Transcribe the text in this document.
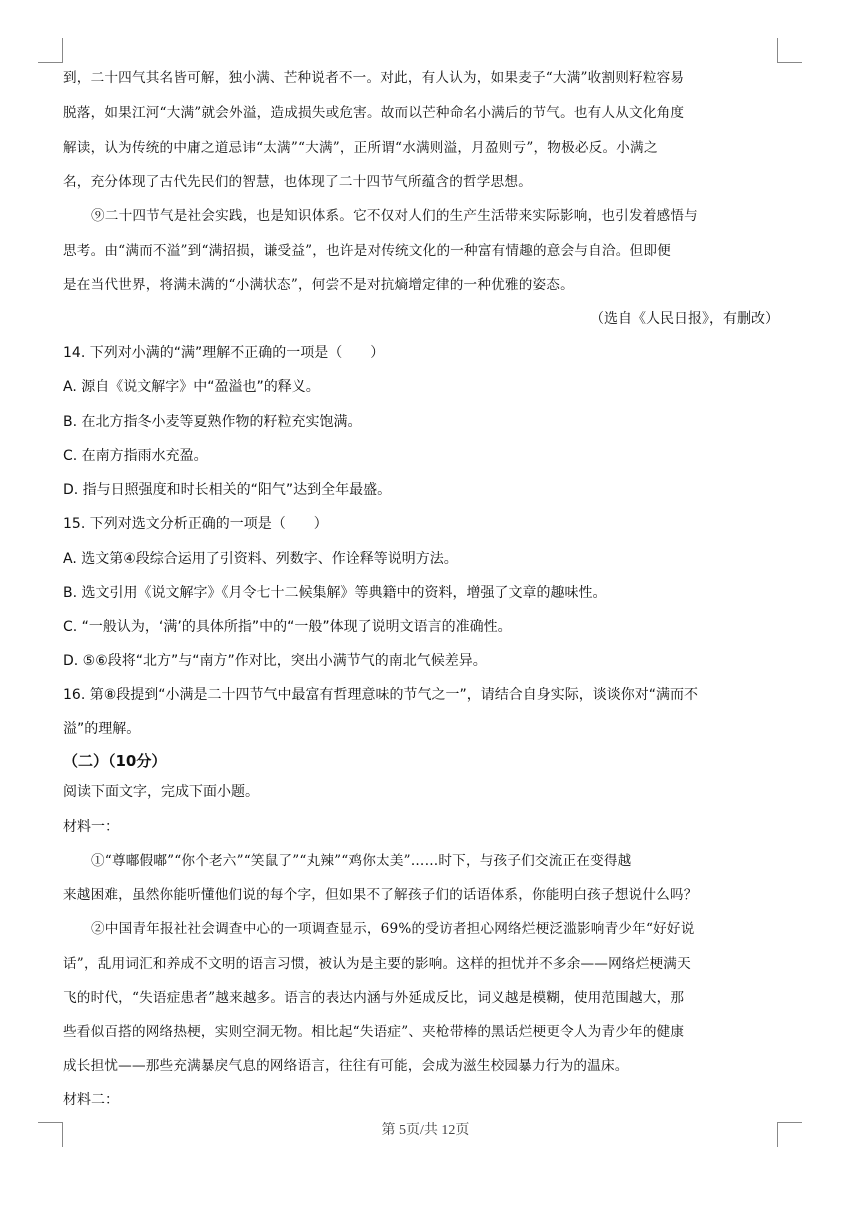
到，二十四气其名皆可解，独小满、芒种说者不一。对此，有人认为，如果麦子“大满”收割则籽粒容易
脱落，如果江河“大满”就会外溢，造成损失或危害。故而以芒种命名小满后的节气。也有人从文化角度
解读，认为传统的中庸之道忌讳“太满”“大满”，正所谓“水满则溢，月盈则亏”，物极必反。小满之
名，充分体现了古代先民们的智慧，也体现了二十四节气所蕴含的哲学思想。
⑨二十四节气是社会实践，也是知识体系。它不仅对人们的生产生活带来实际影响，也引发着感悟与
思考。由“满而不溢”到“满招损，谦受益”，也许是对传统文化的一种富有情趣的意会与自洽。但即便
是在当代世界，将满未满的“小满状态”，何尝不是对抗熵增定律的一种优雅的姿态。
（选自《人民日报》，有删改）
14. 下列对小满的“满”理解不正确的一项是（　　）
A. 源自《说文解字》中“盈溢也”的释义。
B. 在北方指冬小麦等夏熟作物的籽粒充实饱满。
C. 在南方指雨水充盈。
D. 指与日照强度和时长相关的“阳气”达到全年最盛。
15. 下列对选文分析正确的一项是（　　）
A. 选文第④段综合运用了引资料、列数字、作诠释等说明方法。
B. 选文引用《说文解字》《月令七十二候集解》等典籍中的资料，增强了文章的趣味性。
C. “一般认为，‘满’的具体所指”中的“一般”体现了说明文语言的准确性。
D. ⑤⑥段将“北方”与“南方”作对比，突出小满节气的南北气候差异。
16. 第⑧段提到“小满是二十四节气中最富有哲理意味的节气之一”，请结合自身实际，谈谈你对“满而不
溢”的理解。
（二）（10分）
阅读下面文字，完成下面小题。
材料一：
①“尊嘟假嘟”“你个老六”“笑鼠了”“丸辣”“鸡你太美”……时下，与孩子们交流正在变得越
来越困难，虽然你能听懂他们说的每个字，但如果不了解孩子们的话语体系，你能明白孩子想说什么吗？
②中国青年报社社会调查中心的一项调查显示，69%的受访者担心网络烂梗泛滥影响青少年“好好说
话”，乱用词汇和养成不文明的语言习惯，被认为是主要的影响。这样的担忧并不多余——网络烂梗满天
飞的时代，“失语症患者”越来越多。语言的表达内涵与外延成反比，词义越是模糊，使用范围越大，那
些看似百搭的网络热梗，实则空洞无物。相比起“失语症”、夹枪带棒的黑话烂梗更令人为青少年的健康
成长担忧——那些充满暴戾气息的网络语言，往往有可能，会成为滋生校园暴力行为的温床。
材料二：
第 5页/共 12页
